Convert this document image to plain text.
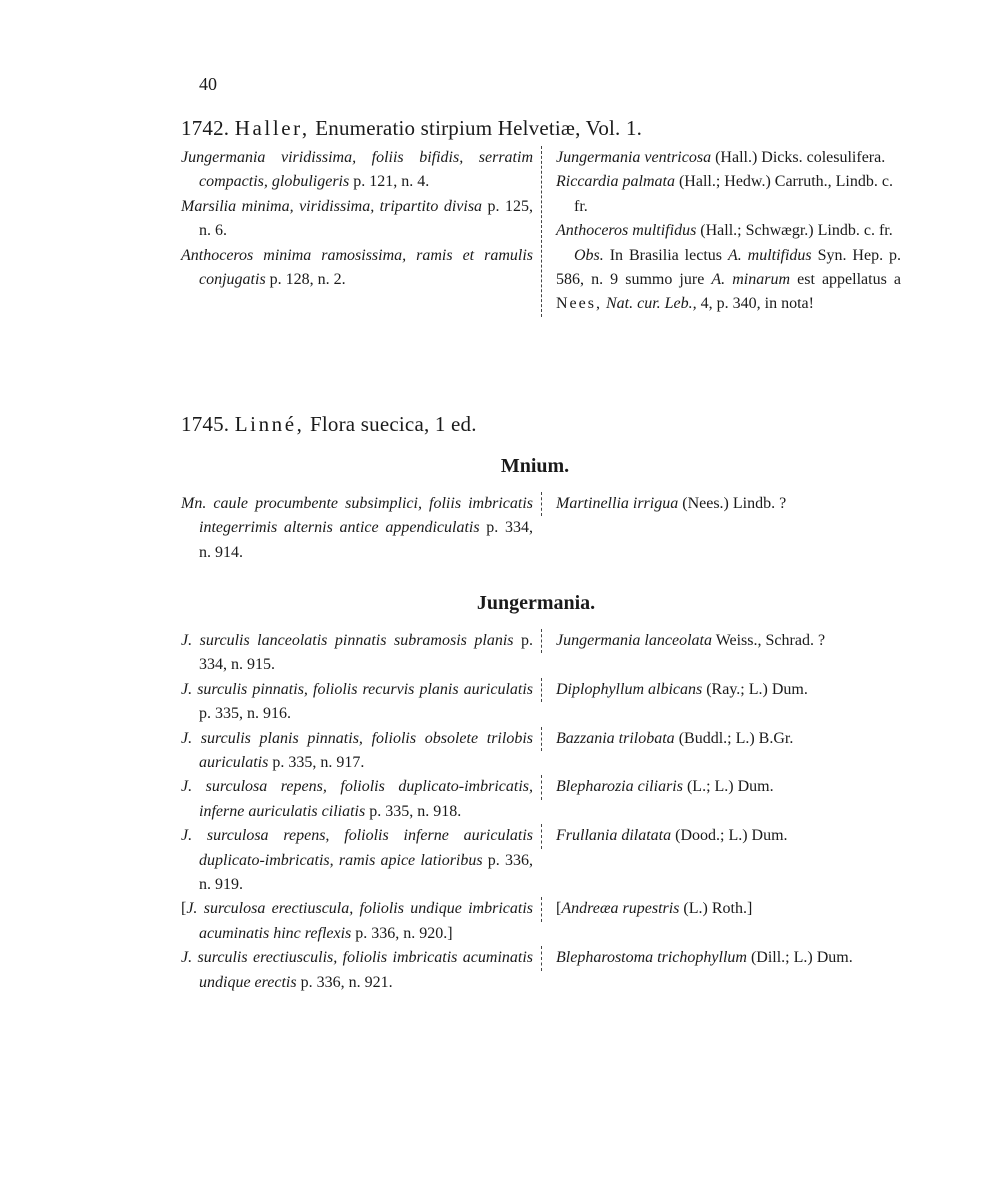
40
1742. Haller, Enumeratio stirpium Helvetiæ, Vol. 1.
Jungermania viridissima, foliis bifidis, serratim compactis, globuligeris p. 121, n. 4.
Marsilia minima, viridissima, tripartito divisa p. 125, n. 6.
Anthoceros minima ramosissima, ramis et ramulis conjugatis p. 128, n. 2.
Jungermania ventricosa (Hall.) Dicks. colesulifera.
Riccardia palmata (Hall.; Hedw.) Carruth., Lindb. c. fr.
Anthoceros multifidus (Hall.; Schwægr.) Lindb. c. fr.
Obs. In Brasilia lectus A. multifidus Syn. Hep. p. 586, n. 9 summo jure A. minarum est appellatus a Nees, Nat. cur. Leb., 4, p. 340, in nota!
1745. Linné, Flora suecica, 1 ed.
Mnium.
Mn. caule procumbente subsimplici, foliis imbricatis integerrimis alternis antice appendiculatis p. 334, n. 914.
Martinellia irrigua (Nees.) Lindb. ?
Jungermania.
J. surculis lanceolatis pinnatis subramosis planis p. 334, n. 915.
Jungermania lanceolata Weiss., Schrad. ?
J. surculis pinnatis, foliolis recurvis planis auriculatis p. 335, n. 916.
Diplophyllum albicans (Ray.; L.) Dum.
J. surculis planis pinnatis, foliolis obsolete trilobis auriculatis p. 335, n. 917.
Bazzania trilobata (Buddl.; L.) B.Gr.
J. surculosa repens, foliolis duplicato-imbricatis, inferne auriculatis ciliatis p. 335, n. 918.
Blepharozia ciliaris (L.; L.) Dum.
J. surculosa repens, foliolis inferne auriculatis duplicato-imbricatis, ramis apice latioribus p. 336, n. 919.
Frullania dilatata (Dood.; L.) Dum.
[J. surculosa erectiuscula, foliolis undique imbricatis acuminatis hinc reflexis p. 336, n. 920.]
[Andreæa rupestris (L.) Roth.]
J. surculis erectiusculis, foliolis imbricatis acuminatis undique erectis p. 336, n. 921.
Blepharostoma trichophyllum (Dill.; L.) Dum.
